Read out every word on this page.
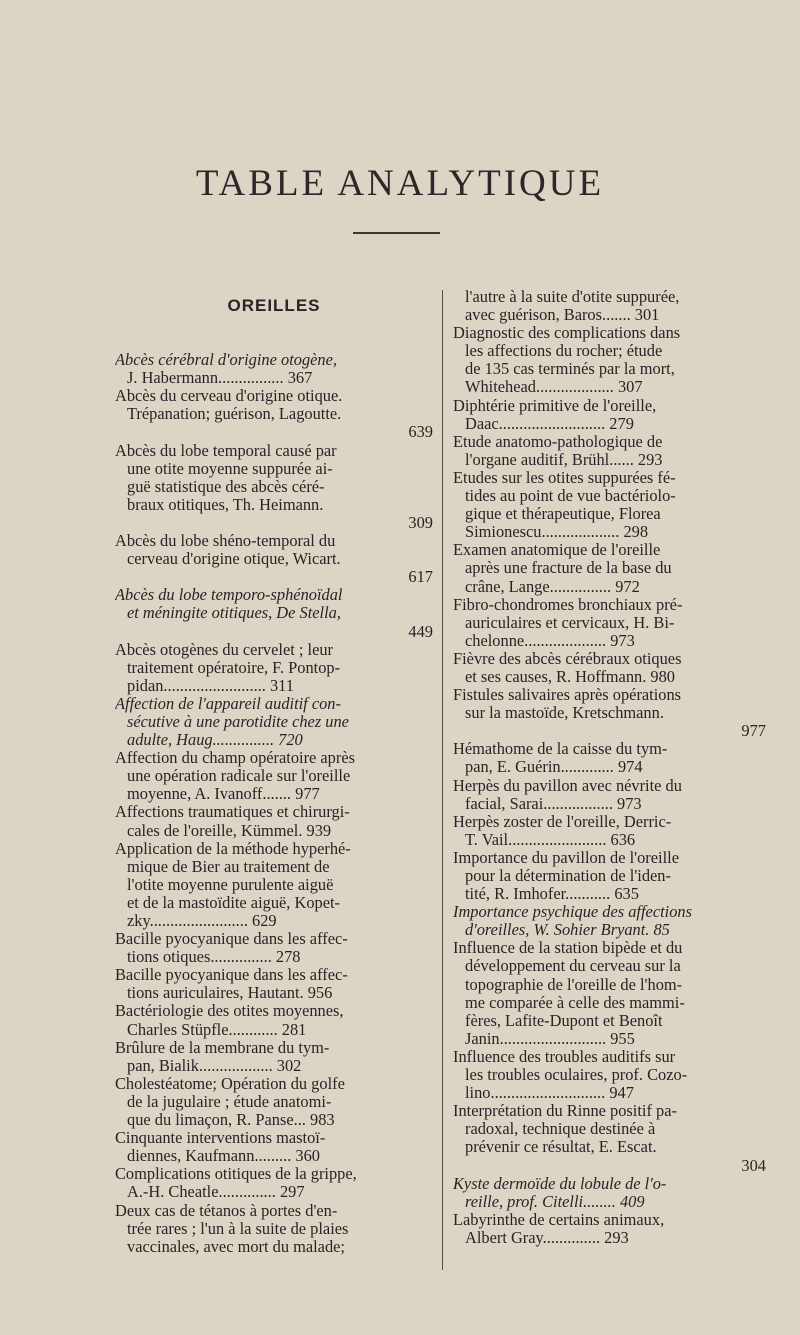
TABLE ANALYTIQUE
OREILLES
Abcès cérébral d'origine otogène,
J. Habermann................ 367
Abcès du cerveau d'origine otique.
Trépanation; guérison, Lagoutte.
639
Abcès du lobe temporal causé par
une otite moyenne suppurée ai-
guë statistique des abcès céré-
braux otitiques, Th. Heimann.
309
Abcès du lobe shéno-temporal du
cerveau d'origine otique, Wicart.
617
Abcès du lobe temporo-sphénoïdal
et méningite otitiques, De Stella,
449
Abcès otogènes du cervelet ; leur
traitement opératoire, F. Pontop-
pidan......................... 311
Affection de l'appareil auditif con-
sécutive à une parotidite chez une
adulte, Haug............... 720
Affection du champ opératoire après
une opération radicale sur l'oreille
moyenne, A. Ivanoff....... 977
Affections traumatiques et chirurgi-
cales de l'oreille, Kümmel. 939
Application de la méthode hyperhé-
mique de Bier au traitement de
l'otite moyenne purulente aiguë
et de la mastoïdite aiguë, Kopet-
zky........................ 629
Bacille pyocyanique dans les affec-
tions otiques............... 278
Bacille pyocyanique dans les affec-
tions auriculaires, Hautant. 956
Bactériologie des otites moyennes,
Charles Stüpfle............ 281
Brûlure de la membrane du tym-
pan, Bialik.................. 302
Cholestéatome; Opération du golfe
de la jugulaire ; étude anatomi-
que du limaçon, R. Panse... 983
Cinquante interventions mastoï-
diennes, Kaufmann......... 360
Complications otitiques de la grippe,
A.-H. Cheatle.............. 297
Deux cas de tétanos à portes d'en-
trée rares ; l'un à la suite de plaies
vaccinales, avec mort du malade;
l'autre à la suite d'otite suppurée,
avec guérison, Baros....... 301
Diagnostic des complications dans
les affections du rocher; étude
de 135 cas terminés par la mort,
Whitehead................... 307
Diphtérie primitive de l'oreille,
Daac.......................... 279
Etude anatomo-pathologique de
l'organe auditif, Brühl...... 293
Etudes sur les otites suppurées fé-
tides au point de vue bactériolo-
gique et thérapeutique, Florea
Simionescu................... 298
Examen anatomique de l'oreille
après une fracture de la base du
crâne, Lange............... 972
Fibro-chondromes bronchiaux pré-
auriculaires et cervicaux, H. Bi-
chelonne.................... 973
Fièvre des abcès cérébraux otiques
et ses causes, R. Hoffmann. 980
Fistules salivaires après opérations
sur la mastoïde, Kretschmann.
977
Hémathome de la caisse du tym-
pan, E. Guérin............. 974
Herpès du pavillon avec névrite du
facial, Sarai................. 973
Herpès zoster de l'oreille, Derric-
T. Vail........................ 636
Importance du pavillon de l'oreille
pour la détermination de l'iden-
tité, R. Imhofer........... 635
Importance psychique des affections
d'oreilles, W. Sohier Bryant. 85
Influence de la station bipède et du
développement du cerveau sur la
topographie de l'oreille de l'hom-
me comparée à celle des mammi-
fères, Lafite-Dupont et Benoît
Janin.......................... 955
Influence des troubles auditifs sur
les troubles oculaires, prof. Cozo-
lino............................ 947
Interprétation du Rinne positif pa-
radoxal, technique destinée à
prévenir ce résultat, E. Escat.
304
Kyste dermoïde du lobule de l'o-
reille, prof. Citelli........ 409
Labyrinthe de certains animaux,
Albert Gray.............. 293
